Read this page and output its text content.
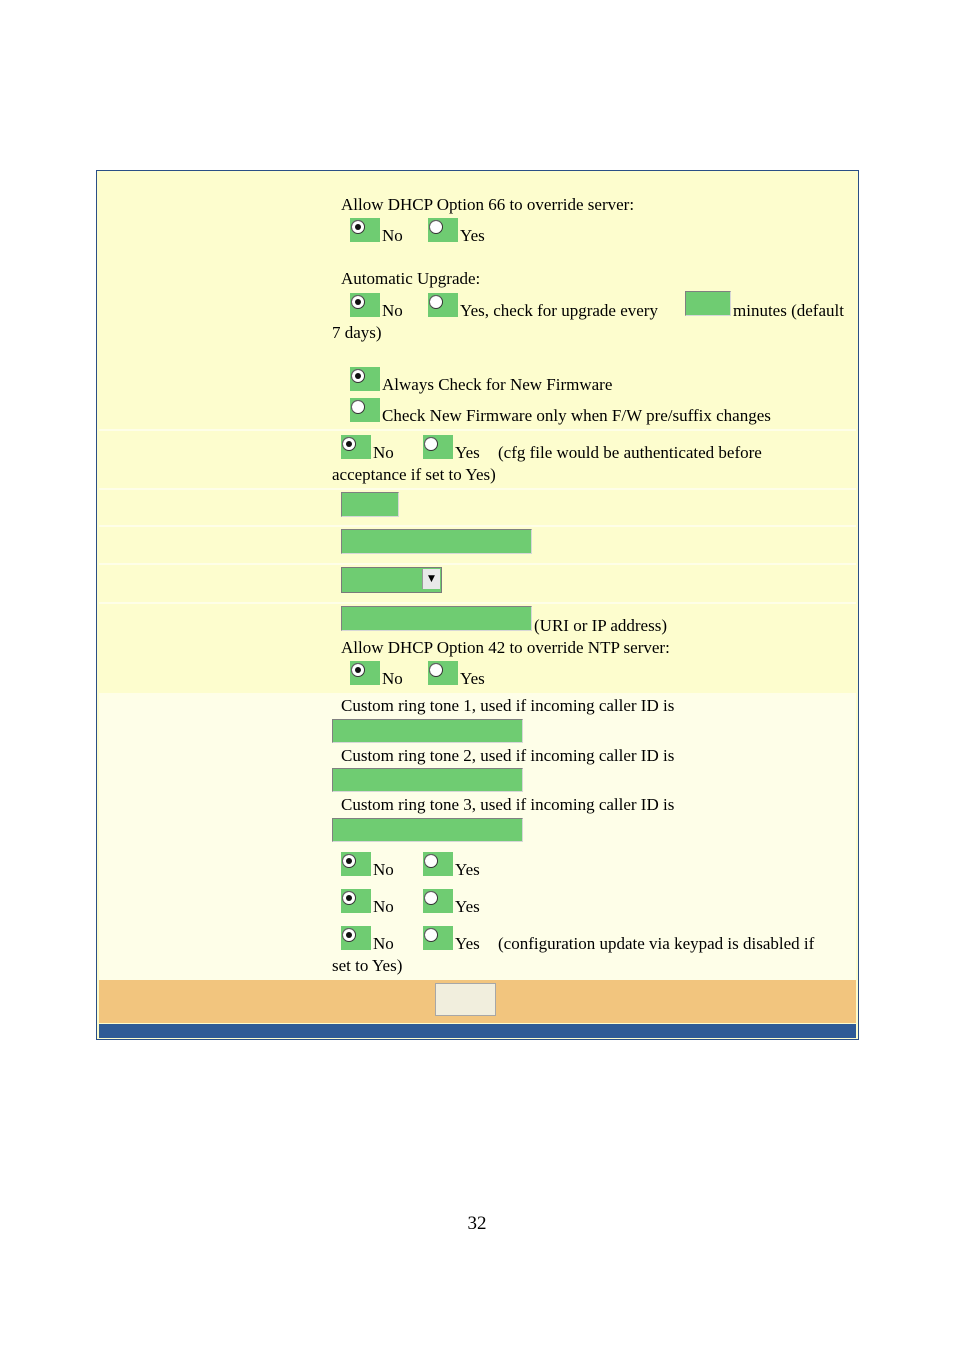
Allow DHCP Option 66 to override server:
No	Yes
Automatic Upgrade:
No	Yes, check for upgrade every	minutes (default
7 days)
Always Check for New Firmware
Check New Firmware only when F/W pre/suffix changes
No	Yes (cfg file would be authenticated before
acceptance if set to Yes)
▼
(URI or IP address)
Allow DHCP Option 42 to override NTP server:
No	Yes
Custom ring tone 1, used if incoming caller ID is
Custom ring tone 2, used if incoming caller ID is
Custom ring tone 3, used if incoming caller ID is
No	Yes
No	Yes
No	Yes (configuration update via keypad is disabled if
set to Yes)
32
